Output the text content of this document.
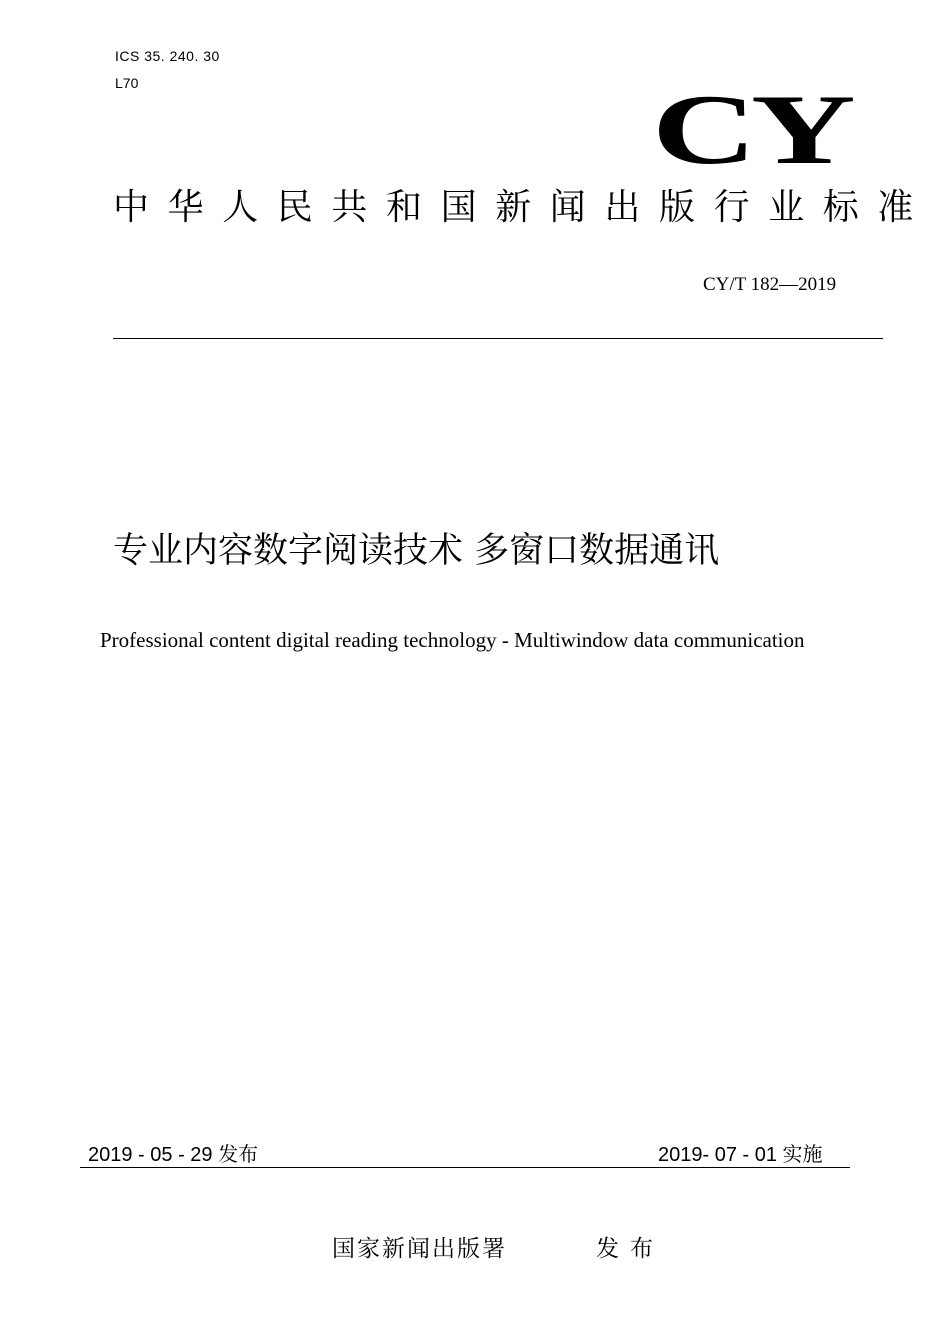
ICS 35. 240. 30
L70	CY
中华人民共和国新闻出版行业标准
CY/T 182—2019
专业内容数字阅读技术 多窗口数据通讯
Professional content digital reading technology - Multiwindow data communication
2019 - 05 - 29 发布	2019- 07 - 01 实施
国家新闻出版署	发布
